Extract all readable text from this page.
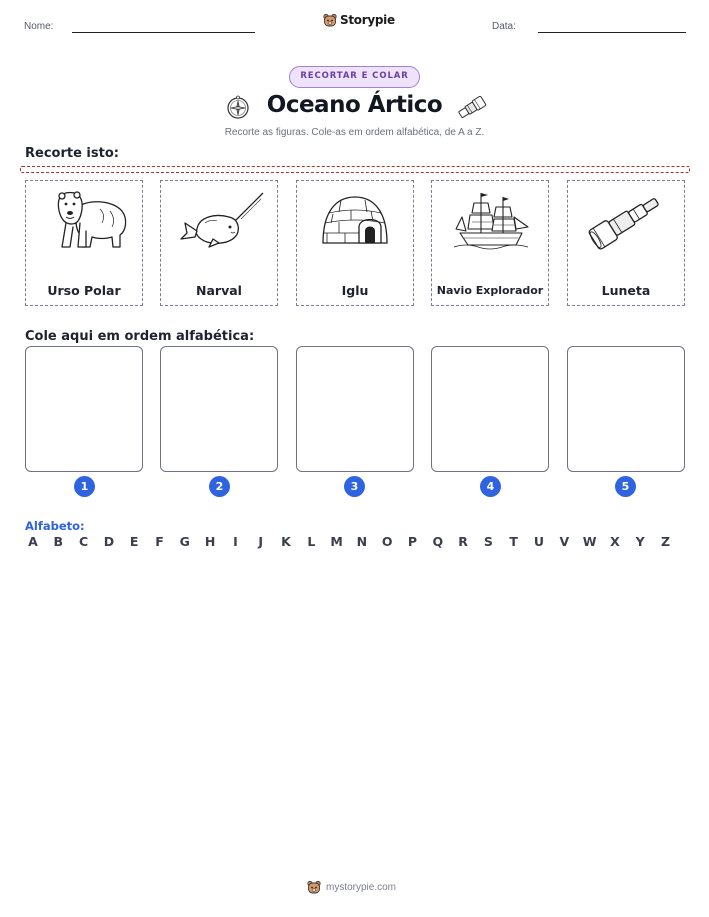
Nome:	Storypie	Data:
RECORTAR E COLAR
Oceano Ártico
Recorte as figuras. Cole-as em ordem alfabética, de A a Z.
Recorte isto:
Urso Polar	Narval	Iglu	Navio Explorador	Luneta
Cole aqui em ordem alfabética:
1	2	3	4	5
Alfabeto:
A	B	C	D	E	F	G	H	I	J	K	L	M	N	O	P	Q	R	S	T	U	V	W	X	Y	Z
mystorypie.com
